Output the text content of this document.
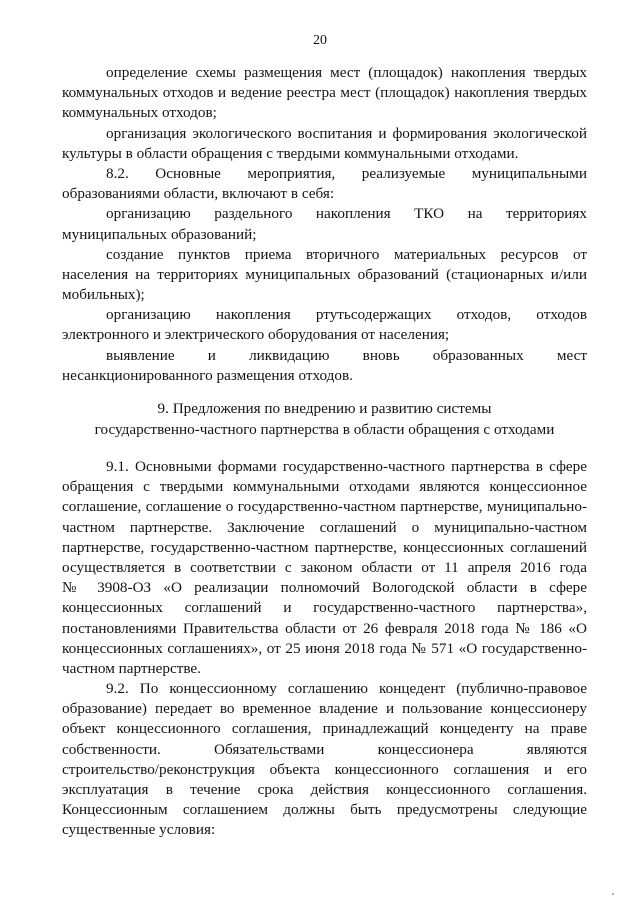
20
определение схемы размещения мест (площадок) накопления твердых
коммунальных отходов и ведение реестра мест (площадок) накопления твердых
коммунальных отходов;
организация экологического воспитания и формирования экологической
культуры в области обращения с твердыми коммунальными отходами.
8.2. Основные мероприятия, реализуемые муниципальными
образованиями области, включают в себя:
организацию раздельного накопления ТКО на территориях
муниципальных образований;
создание пунктов приема вторичного материальных ресурсов от
населения на территориях муниципальных образований (стационарных и/или
мобильных);
организацию накопления ртутьсодержащих отходов, отходов
электронного и электрического оборудования от населения;
выявление и ликвидацию вновь образованных мест
несанкционированного размещения отходов.
9. Предложения по внедрению и развитию системы
государственно-частного партнерства в области обращения с отходами
9.1. Основными формами государственно-частного партнерства в сфере
обращения с твердыми коммунальными отходами являются концессионное
соглашение, соглашение о государственно-частном партнерстве, муниципально-
частном партнерстве. Заключение соглашений о муниципально-частном
партнерстве, государственно-частном партнерстве, концессионных соглашений
осуществляется в соответствии с законом области от 11 апреля 2016 года
№ 3908-ОЗ «О реализации полномочий Вологодской области в сфере
концессионных соглашений и государственно-частного партнерства»,
постановлениями Правительства области от 26 февраля 2018 года № 186 «О
концессионных соглашениях», от 25 июня 2018 года № 571 «О государственно-
частном партнерстве.
9.2. По концессионному соглашению концедент (публично-правовое
образование) передает во временное владение и пользование концессионеру
объект концессионного соглашения, принадлежащий концеденту на праве
собственности. Обязательствами концессионера являются
строительство/реконструкция объекта концессионного соглашения и его
эксплуатация в течение срока действия концессионного соглашения.
Концессионным соглашением должны быть предусмотрены следующие
существенные условия:
